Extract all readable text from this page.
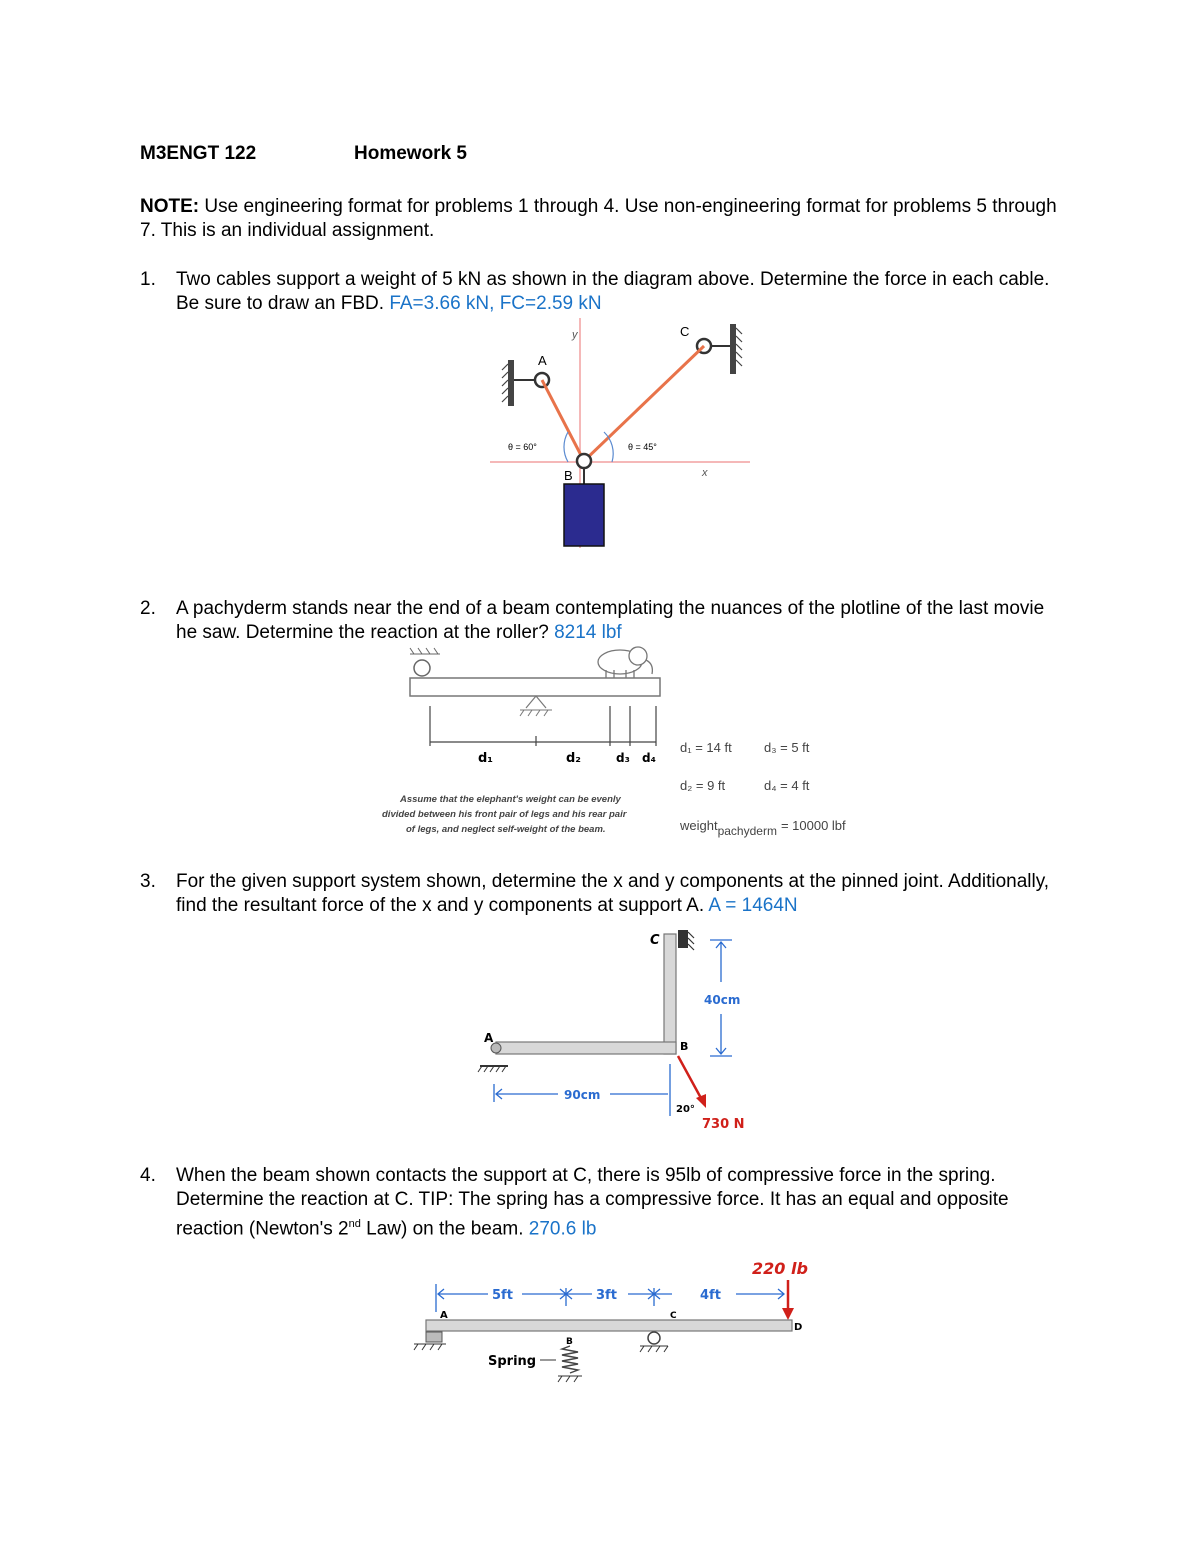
M3ENGT 122	Homework 5
NOTE: Use engineering format for problems 1 through 4. Use non-engineering format for problems 5 through 7. This is an individual assignment.
1. Two cables support a weight of 5 kN as shown in the diagram above. Determine the force in each cable. Be sure to draw an FBD. FA=3.66 kN, FC=2.59 kN
y
x
A
C
θ = 60°	θ = 45°
B
2. A pachyderm stands near the end of a beam contemplating the nuances of the plotline of the last movie he saw. Determine the reaction at the roller? 8214 lbf
d₁	d₂	d₃ d₄
Assume that the elephant's weight can be evenly
divided between his front pair of legs and his rear pair
of legs, and neglect self-weight of the beam.
d₁ = 14 ft d₃ = 5 ft
d₂ = 9 ft	d₄ = 4 ft
weightpachyderm = 10000 lbf
3. For the given support system shown, determine the x and y components at the pinned joint. Additionally, find the resultant force of the x and y components at support A. A = 1464N
C
A
B
40cm
90cm
20°
730 N
4. When the beam shown contacts the support at C, there is 95lb of compressive force in the spring. Determine the reaction at C. TIP: The spring has a compressive force. It has an equal and opposite reaction (Newton's 2nd Law) on the beam. 270.6 lb
220 lb
5ft	3ft	4ft
A
B
C
D
Spring
